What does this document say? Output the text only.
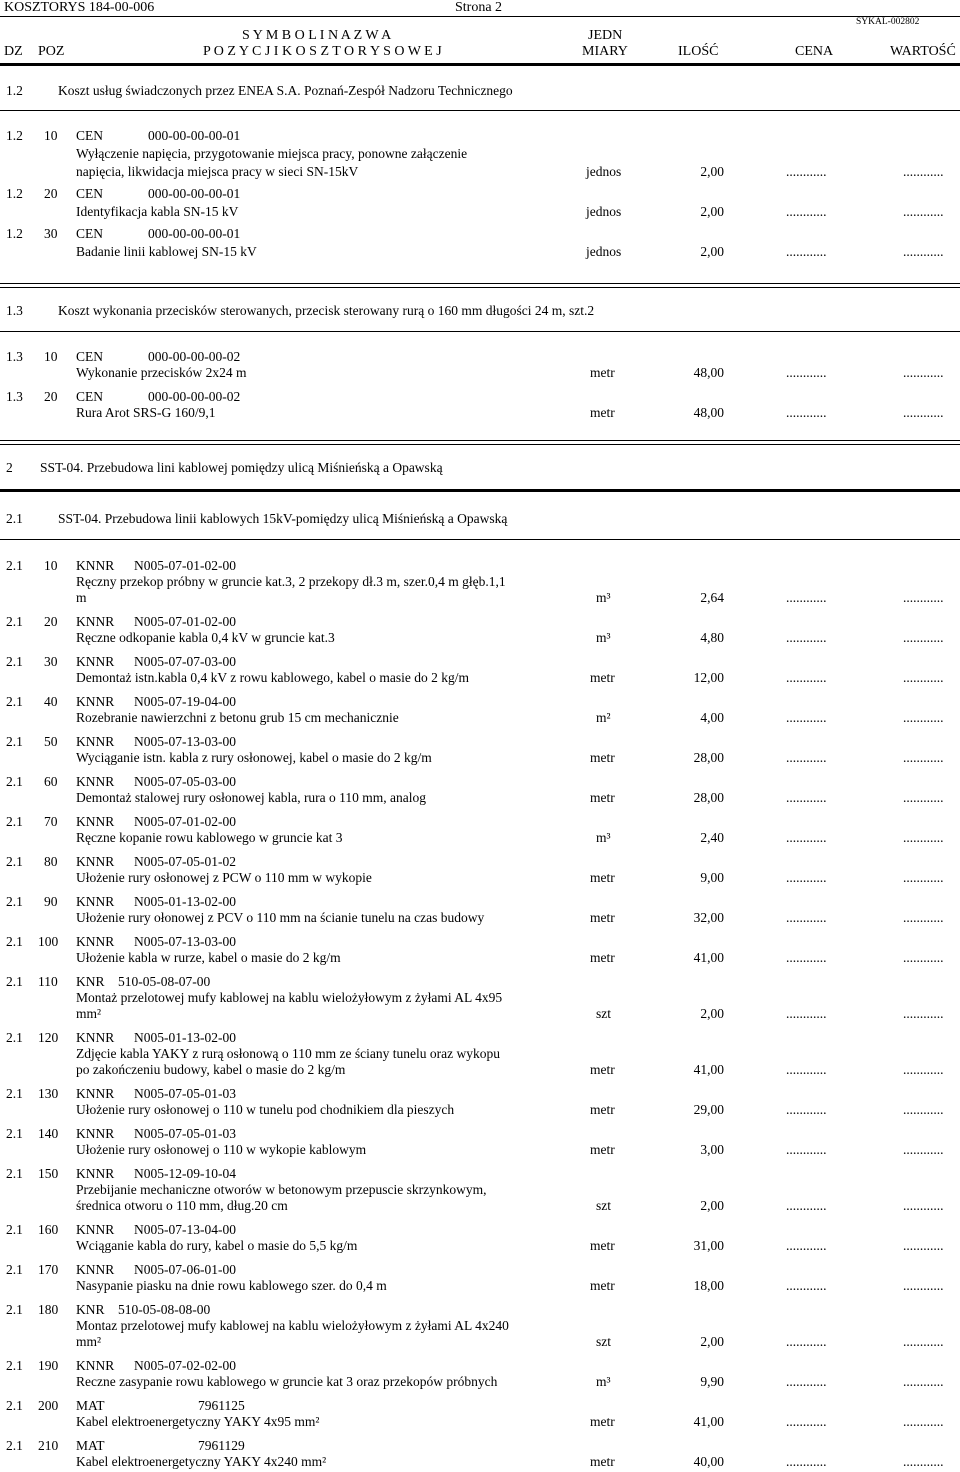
KOSZTORYS 184-00-006	Strona 2
S Y M B O L I N A Z W A	JEDN
SYKAL-002802
DZ POZ	P O Z Y C J I K O S Z T O R Y S O W E J	MIARY	ILOŚĆ	CENA	WARTOŚĆ
1.2	Koszt usług świadczonych przez ENEA S.A. Poznań-Zespół Nadzoru Technicznego
1.2 10 CEN	000-00-00-00-01
Wyłączenie napięcia, przygotowanie miejsca pracy, ponowne załączenie
napięcia, likwidacja miejsca pracy w sieci SN-15kV	jednos	2,00	............	............
1.2 20 CEN	000-00-00-00-01
Identyfikacja kabla SN-15 kV	jednos	2,00	............	............
1.2 30 CEN	000-00-00-00-01
Badanie linii kablowej SN-15 kV	jednos	2,00	............	............
1.3	Koszt wykonania przecisków sterowanych, przecisk sterowany rurą o 160 mm długości 24 m, szt.2
1.3 10 CEN	000-00-00-00-02
Wykonanie przecisków 2x24 m	metr	48,00	............	............
1.3 20 CEN	000-00-00-00-02
Rura Arot SRS-G 160/9,1	metr	48,00	............	............
2 SST-04. Przebudowa lini kablowej pomiędzy ulicą Miśnieńską a Opawską
2.1	SST-04. Przebudowa linii kablowych 15kV-pomiędzy ulicą Miśnieńską a Opawską
2.1 10 KNNR N005-07-01-02-00
Ręczny przekop próbny w gruncie kat.3, 2 przekopy dł.3 m, szer.0,4 m głęb.1,1
m	m³	2,64	............	............
2.1 20 KNNR N005-07-01-02-00
Ręczne odkopanie kabla 0,4 kV w gruncie kat.3	m³	4,80	............	............
2.1 30 KNNR N005-07-07-03-00
Demontaż istn.kabla 0,4 kV z rowu kablowego, kabel o masie do 2 kg/m	metr	12,00	............	............
2.1 40 KNNR N005-07-19-04-00
Rozebranie nawierzchni z betonu grub 15 cm mechanicznie	m²	4,00	............	............
2.1 50 KNNR N005-07-13-03-00
Wyciąganie istn. kabla z rury osłonowej, kabel o masie do 2 kg/m	metr	28,00	............	............
2.1 60 KNNR N005-07-05-03-00
Demontaż stalowej rury osłonowej kabla, rura o 110 mm, analog	metr	28,00	............	............
2.1 70 KNNR N005-07-01-02-00
Ręczne kopanie rowu kablowego w gruncie kat 3	m³	2,40	............	............
2.1 80 KNNR N005-07-05-01-02
Ułożenie rury osłonowej z PCW o 110 mm w wykopie	metr	9,00	............	............
2.1 90 KNNR N005-01-13-02-00
Ułożenie rury ołonowej z PCV o 110 mm na ścianie tunelu na czas budowy	metr	32,00	............	............
2.1 100 KNNR N005-07-13-03-00
Ułożenie kabla w rurze, kabel o masie do 2 kg/m	metr	41,00	............	............
2.1 110 KNR 510-05-08-07-00
Montaż przelotowej mufy kablowej na kablu wielożyłowym z żyłami AL 4x95
mm²	szt	2,00	............	............
2.1 120 KNNR N005-01-13-02-00
Zdjęcie kabla YAKY z rurą osłonową o 110 mm ze ściany tunelu oraz wykopu
po zakończeniu budowy, kabel o masie do 2 kg/m	metr	41,00	............	............
2.1 130 KNNR N005-07-05-01-03
Ułożenie rury osłonowej o 110 w tunelu pod chodnikiem dla pieszych	metr	29,00	............	............
2.1 140 KNNR N005-07-05-01-03
Ułożenie rury osłonowej o 110 w wykopie kablowym	metr	3,00	............	............
2.1 150 KNNR N005-12-09-10-04
Przebijanie mechaniczne otworów w betonowym przepuscie skrzynkowym,
średnica otworu o 110 mm, dług.20 cm	szt	2,00	............	............
2.1 160 KNNR N005-07-13-04-00
Wciąganie kabla do rury, kabel o masie do 5,5 kg/m	metr	31,00	............	............
2.1 170 KNNR N005-07-06-01-00
Nasypanie piasku na dnie rowu kablowego szer. do 0,4 m	metr	18,00	............	............
2.1 180 KNR 510-05-08-08-00
Montaz przelotowej mufy kablowej na kablu wielożyłowym z żyłami AL 4x240
mm²	szt	2,00	............	............
2.1 190 KNNR N005-07-02-02-00
Reczne zasypanie rowu kablowego w gruncie kat 3 oraz przekopów próbnych	m³	9,90	............	............
2.1 200 MAT	7961125
Kabel elektroenergetyczny YAKY 4x95 mm²	metr	41,00	............	............
2.1 210 MAT	7961129
Kabel elektroenergetyczny YAKY 4x240 mm²	metr	40,00	............	............
